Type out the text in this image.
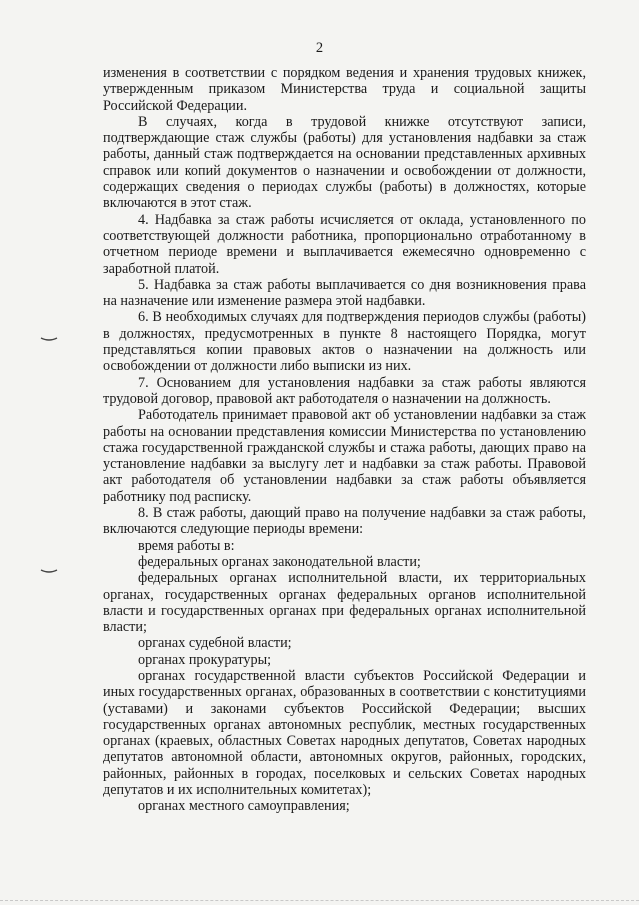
2

изменения в соответствии с порядком ведения и хранения трудовых книжек, утвержденным приказом Министерства труда и социальной защиты Российской Федерации.

В случаях, когда в трудовой книжке отсутствуют записи, подтверждающие стаж службы (работы) для установления надбавки за стаж работы, данный стаж подтверждается на основании представленных архивных справок или копий документов о назначении и освобождении от должности, содержащих сведения о периодах службы (работы) в должностях, которые включаются в этот стаж.

4. Надбавка за стаж работы исчисляется от оклада, установленного по соответствующей должности работника, пропорционально отработанному в отчетном периоде времени и выплачивается ежемесячно одновременно с заработной платой.

5. Надбавка за стаж работы выплачивается со дня возникновения права на назначение или изменение размера этой надбавки.

6. В необходимых случаях для подтверждения периодов службы (работы) в должностях, предусмотренных в пункте 8 настоящего Порядка, могут представляться копии правовых актов о назначении на должность или освобождении от должности либо выписки из них.

7. Основанием для установления надбавки за стаж работы являются трудовой договор, правовой акт работодателя о назначении на должность.

Работодатель принимает правовой акт об установлении надбавки за стаж работы на основании представления комиссии Министерства по установлению стажа государственной гражданской службы и стажа работы, дающих право на установление надбавки за выслугу лет и надбавки за стаж работы. Правовой акт работодателя об установлении надбавки за стаж работы объявляется работнику под расписку.

8. В стаж работы, дающий право на получение надбавки за стаж работы, включаются следующие периоды времени:

время работы в:

федеральных органах законодательной власти;

федеральных органах исполнительной власти, их территориальных органах, государственных органах федеральных органов исполнительной власти и государственных органах при федеральных органах исполнительной власти;

органах судебной власти;

органах прокуратуры;

органах государственной власти субъектов Российской Федерации и иных государственных органах, образованных в соответствии с конституциями (уставами) и законами субъектов Российской Федерации; высших государственных органах автономных республик, местных государственных органах (краевых, областных Советах народных депутатов, Советах народных депутатов автономной области, автономных округов, районных, городских, районных, районных в городах, поселковых и сельских Советах народных депутатов и их исполнительных комитетах);

органах местного самоуправления;
